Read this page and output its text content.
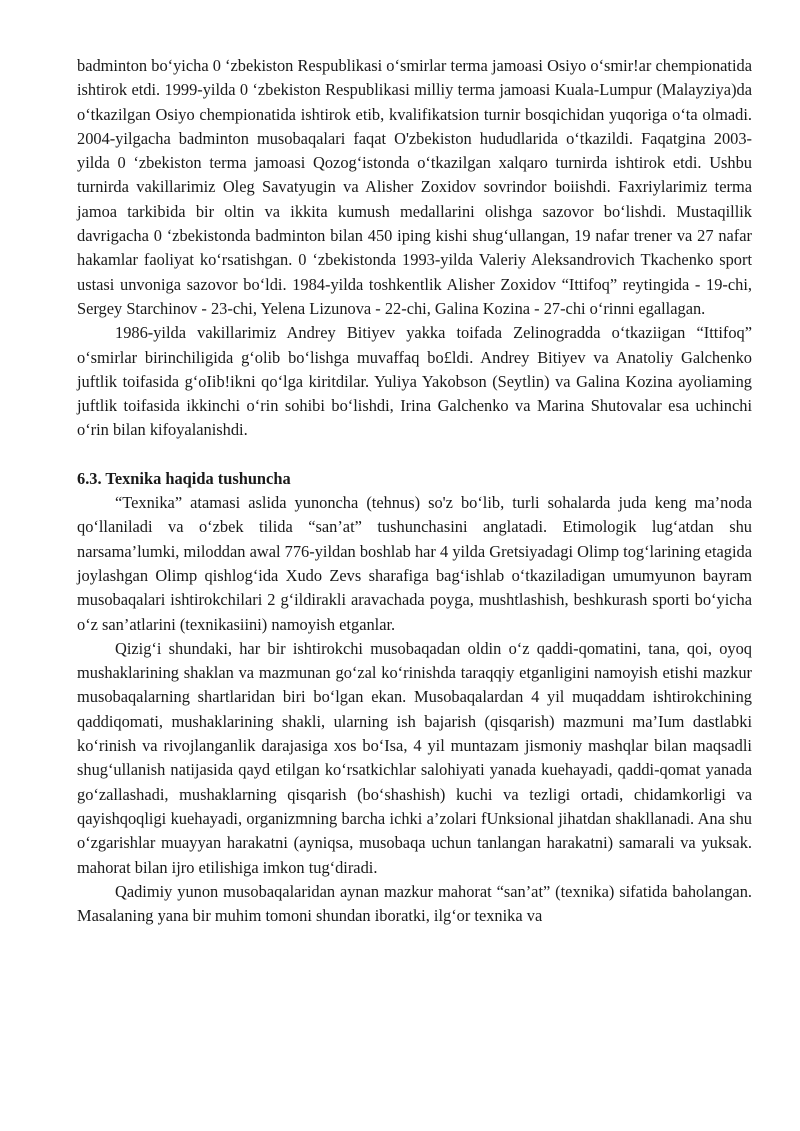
badminton bo‘yicha 0 ‘zbekiston Respublikasi o‘smirlar terma jamoasi Osiyo o‘smir!ar chempionatida ishtirok etdi. 1999-yilda 0 ‘zbekiston Respublikasi milliy terma jamoasi Kuala-Lumpur (Malayziya)da o‘tkazilgan Osiyo chempionatida ishtirok etib, kvalifikatsion turnir bosqichidan yuqoriga o‘ta olmadi. 2004-yilgacha badminton musobaqalari faqat O'zbekiston hududlarida o‘tkazildi. Faqatgina 2003-yilda 0 ‘zbekiston terma jamoasi Qozog‘istonda o‘tkazilgan xalqaro turnirda ishtirok etdi. Ushbu turnirda vakillarimiz Oleg Savatyugin va Alisher Zoxidov sovrindor boiishdi. Faxriylarimiz terma jamoa tarkibida bir oltin va ikkita kumush medallarini olishga sazovor bo‘lishdi. Mustaqillik davrigacha 0 ‘zbekistonda badminton bilan 450 iping kishi shug‘ullangan, 19 nafar trener va 27 nafar hakamlar faoliyat ko‘rsatishgan. 0 ‘zbekistonda 1993-yilda Valeriy Aleksandrovich Tkachenko sport ustasi unvoniga sazovor bo‘ldi. 1984-yilda toshkentlik Alisher Zoxidov “Ittifoq” reytingida - 19-chi, Sergey Starchinov - 23-chi, Yelena Lizunova - 22-chi, Galina Kozina - 27-chi o‘rinni egallagan.

1986-yilda vakillarimiz Andrey Bitiyev yakka toifada Zelinogradda o‘tkaziigan “Ittifoq” o‘smirlar birinchiligida g‘olib bo‘lishga muvaffaq bo£ldi. Andrey Bitiyev va Anatoliy Galchenko juftlik toifasida g‘oIib!ikni qo‘lga kiritdilar. Yuliya Yakobson (Seytlin) va Galina Kozina ayoliaming juftlik toifasida ikkinchi o‘rin sohibi bo‘lishdi, Irina Galchenko va Marina Shutovalar esa uchinchi o‘rin bilan kifoyalanishdi.

6.3. Texnika haqida tushuncha

“Texnika” atamasi aslida yunoncha (tehnus) so'z bo‘lib, turli sohalarda juda keng ma’noda qo‘llaniladi va o‘zbek tilida “san’at” tushunchasini anglatadi. Etimologik lug‘atdan shu narsama’lumki, miloddan awal 776-yildan boshlab har 4 yilda Gretsiyadagi Olimp tog‘larining etagida joylashgan Olimp qishlog‘ida Xudo Zevs sharafiga bag‘ishlab o‘tkaziladigan umumyunon bayram musobaqalari ishtirokchilari 2 g‘ildirakli aravachada poyga, mushtlashish, beshkurash sporti bo‘yicha o‘z san’atlarini (texnikasiini) namoyish etganlar.

Qizig‘i shundaki, har bir ishtirokchi musobaqadan oldin o‘z qaddi-qomatini, tana, qoi, oyoq mushaklarining shaklan va mazmunan go‘zal ko‘rinishda taraqqiy etganligini namoyish etishi mazkur musobaqalarning shartlaridan biri bo‘lgan ekan. Musobaqalardan 4 yil muqaddam ishtirokchining qaddiqomati, mushaklarining shakli, ularning ish bajarish (qisqarish) mazmuni ma’Ium dastlabki ko‘rinish va rivojlanganlik darajasiga xos bo‘Isa, 4 yil muntazam jismoniy mashqlar bilan maqsadli shug‘ullanish natijasida qayd etilgan ko‘rsatkichlar salohiyati yanada kuehayadi, qaddi-qomat yanada go‘zallashadi, mushaklarning qisqarish (bo‘shashish) kuchi va tezligi ortadi, chidamkorligi va qayishqoqligi kuehayadi, organizmning barcha ichki a’zolari fUnksional jihatdan shakllanadi. Ana shu o‘zgarishlar muayyan harakatni (ayniqsa, musobaqa uchun tanlangan harakatni) samarali va yuksak. mahorat bilan ijro etilishiga imkon tug‘diradi.

Qadimiy yunon musobaqalaridan aynan mazkur mahorat “san’at” (texnika) sifatida baholangan. Masalaning yana bir muhim tomoni shundan iboratki, ilg‘or texnika va
